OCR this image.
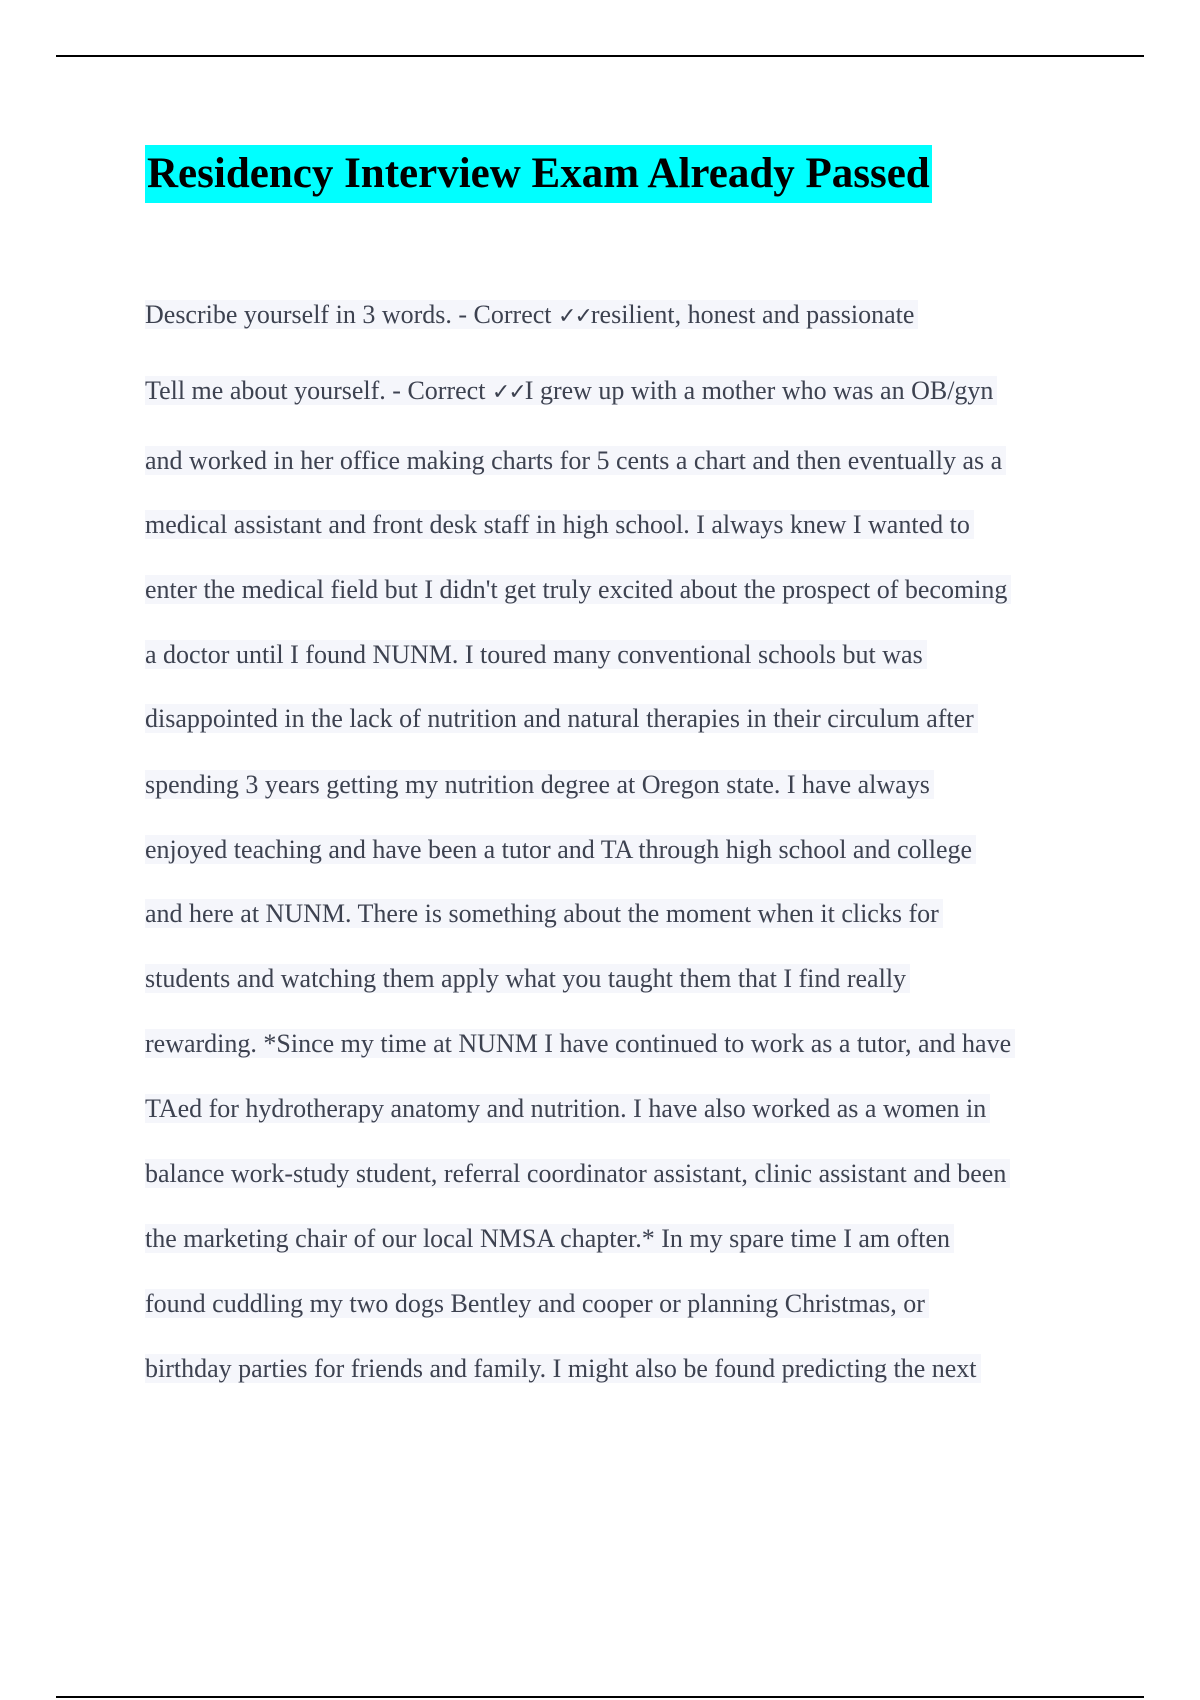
Residency Interview Exam Already Passed
Describe yourself in 3 words. - Correct ✓✓resilient, honest and passionate
Tell me about yourself. - Correct ✓✓I grew up with a mother who was an OB/gyn
and worked in her office making charts for 5 cents a chart and then eventually as a
medical assistant and front desk staff in high school. I always knew I wanted to
enter the medical field but I didn't get truly excited about the prospect of becoming
a doctor until I found NUNM. I toured many conventional schools but was
disappointed in the lack of nutrition and natural therapies in their circulum after
spending 3 years getting my nutrition degree at Oregon state. I have always
enjoyed teaching and have been a tutor and TA through high school and college
and here at NUNM. There is something about the moment when it clicks for
students and watching them apply what you taught them that I find really
rewarding. *Since my time at NUNM I have continued to work as a tutor, and have
TAed for hydrotherapy anatomy and nutrition. I have also worked as a women in
balance work-study student, referral coordinator assistant, clinic assistant and been
the marketing chair of our local NMSA chapter.* In my spare time I am often
found cuddling my two dogs Bentley and cooper or planning Christmas, or
birthday parties for friends and family. I might also be found predicting the next
